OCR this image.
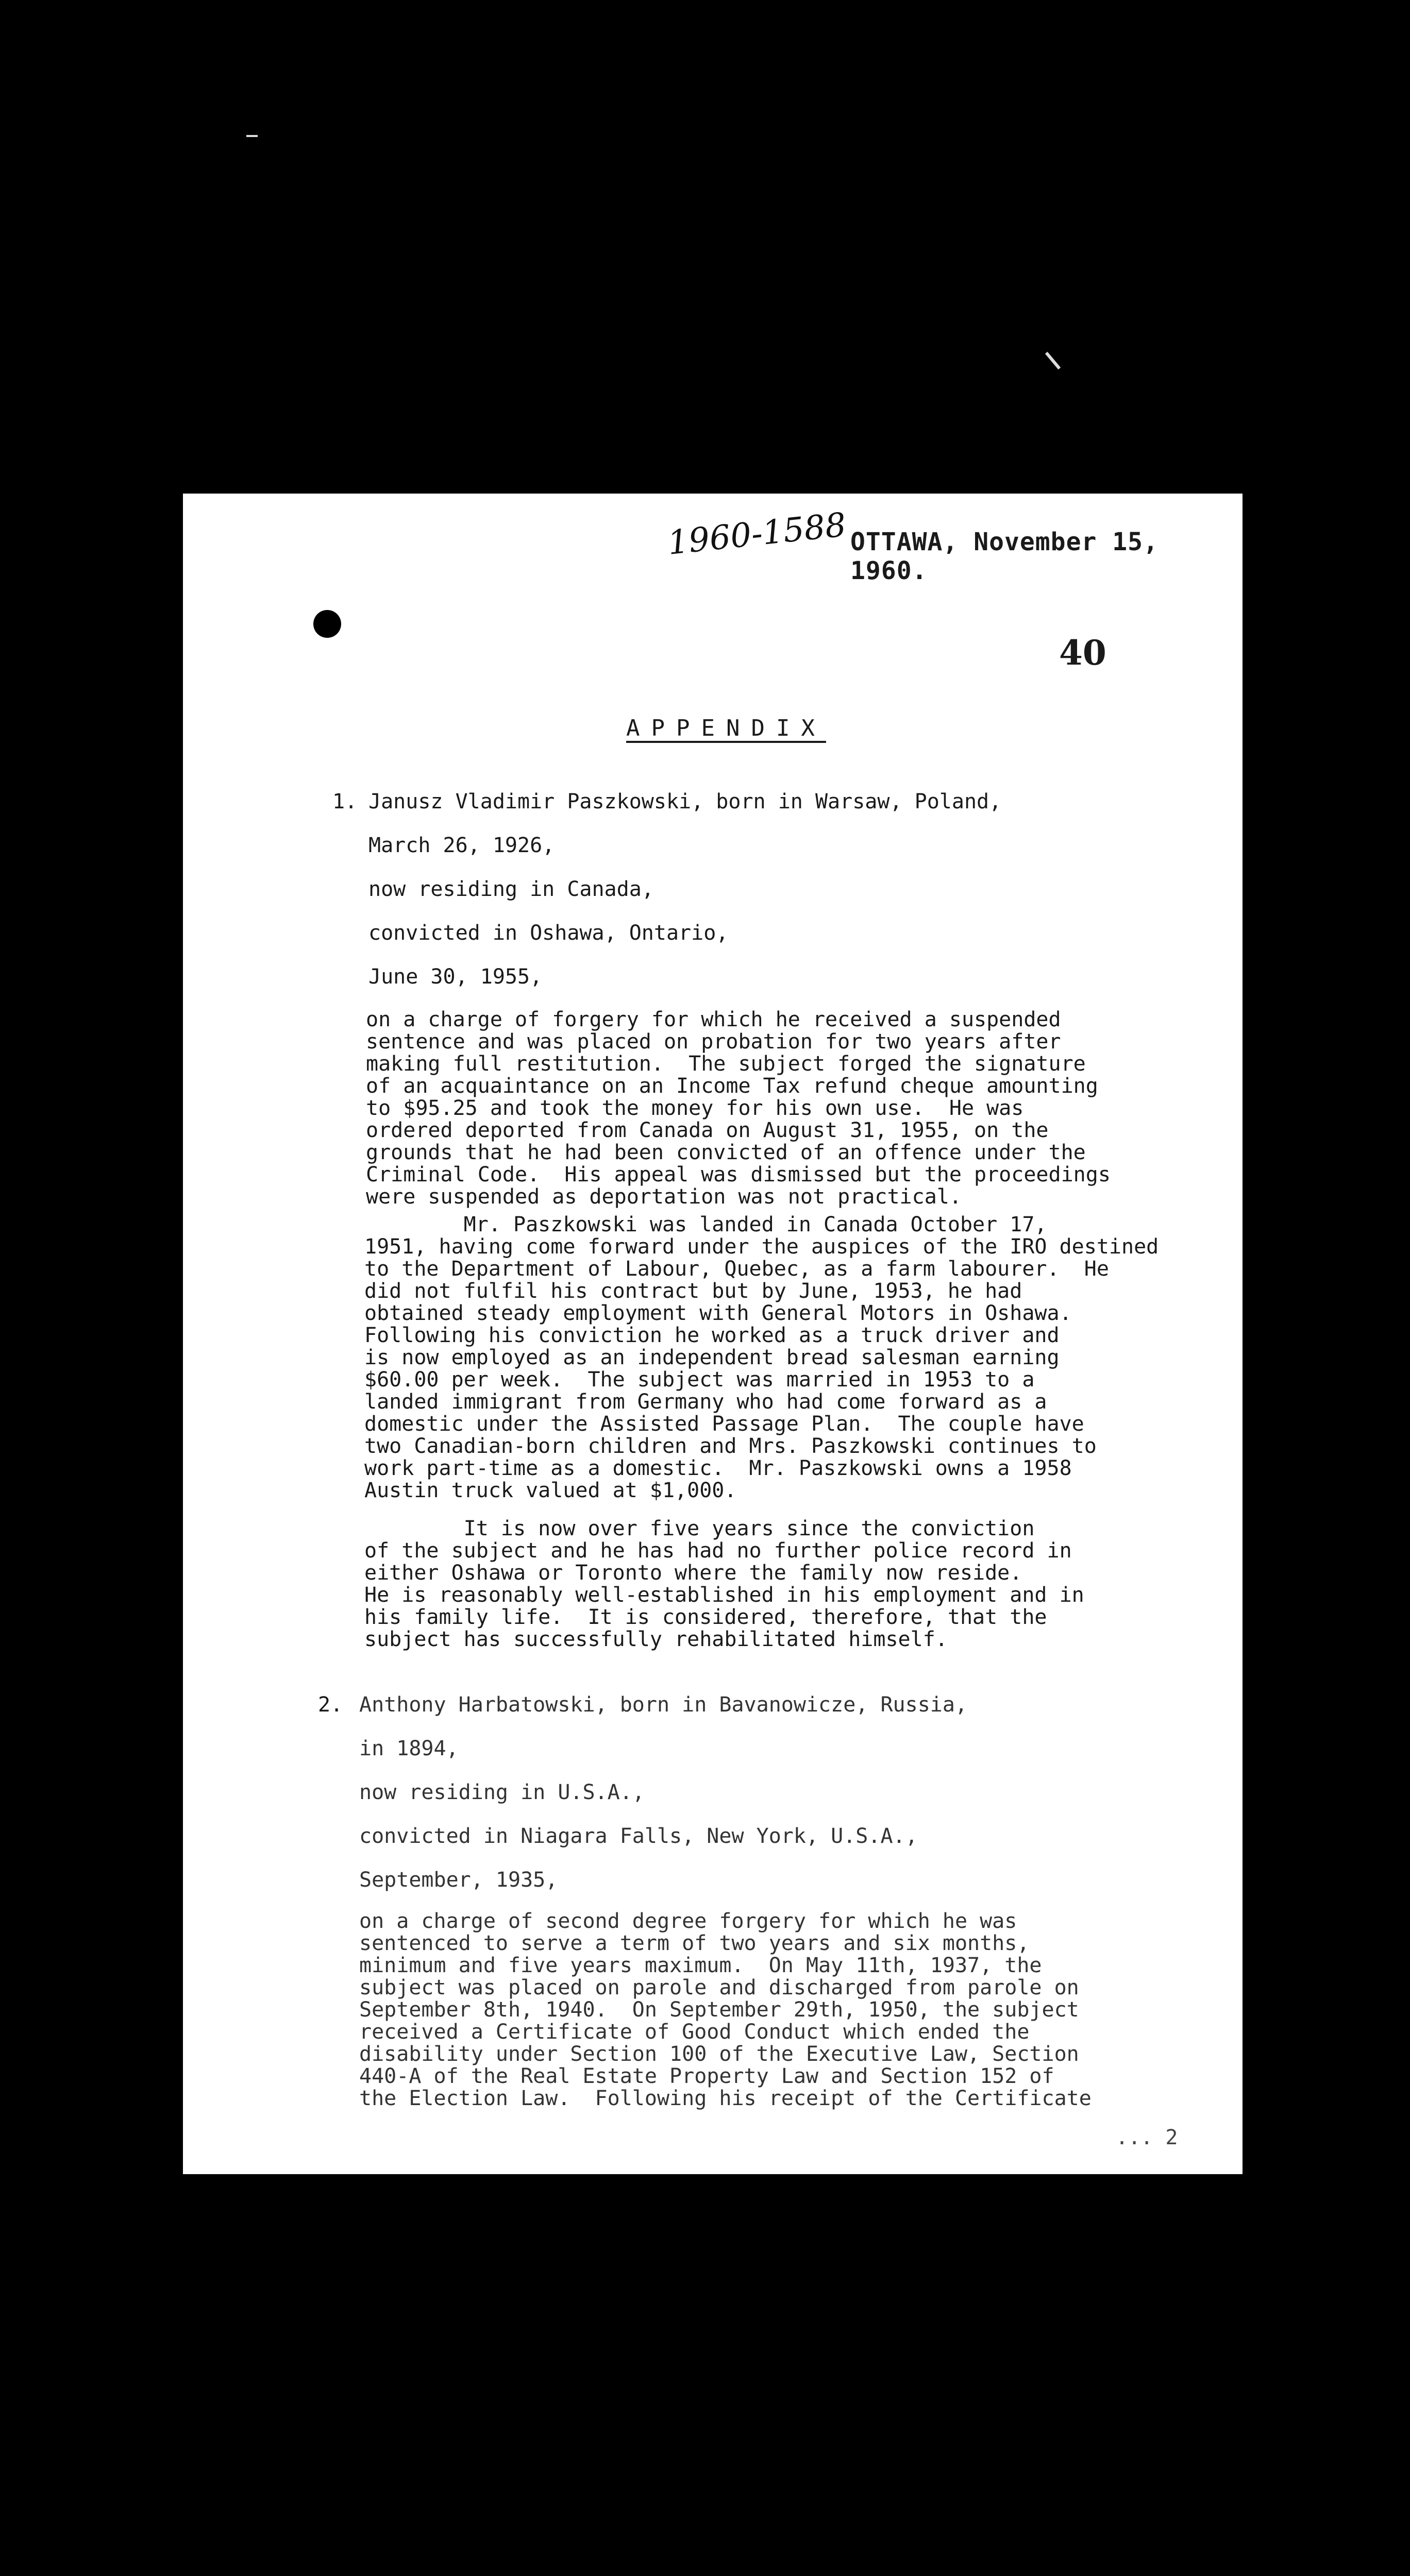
1960-1588 OTTAWA, November 15, 1960.
40
APPENDIX
1. Janusz Vladimir Paszkowski, born in Warsaw, Poland,
March 26, 1926,
now residing in Canada,
convicted in Oshawa, Ontario,
June 30, 1955,
on a charge of forgery for which he received a suspended
sentence and was placed on probation for two years after
making full restitution.  The subject forged the signature
of an acquaintance on an Income Tax refund cheque amounting
to $95.25 and took the money for his own use.  He was
ordered deported from Canada on August 31, 1955, on the
grounds that he had been convicted of an offence under the
Criminal Code.  His appeal was dismissed but the proceedings
were suspended as deportation was not practical.
Mr. Paszkowski was landed in Canada October 17,
1951, having come forward under the auspices of the IRO destined
to the Department of Labour, Quebec, as a farm labourer.  He
did not fulfil his contract but by June, 1953, he had
obtained steady employment with General Motors in Oshawa.
Following his conviction he worked as a truck driver and
is now employed as an independent bread salesman earning
$60.00 per week.  The subject was married in 1953 to a
landed immigrant from Germany who had come forward as a
domestic under the Assisted Passage Plan.  The couple have
two Canadian-born children and Mrs. Paszkowski continues to
work part-time as a domestic.  Mr. Paszkowski owns a 1958
Austin truck valued at $1,000.
It is now over five years since the conviction
of the subject and he has had no further police record in
either Oshawa or Toronto where the family now reside.
He is reasonably well-established in his employment and in
his family life.  It is considered, therefore, that the
subject has successfully rehabilitated himself.
2. Anthony Harbatowski, born in Bavanowicze, Russia,
in 1894,
now residing in U.S.A.,
convicted in Niagara Falls, New York, U.S.A.,
September, 1935,
on a charge of second degree forgery for which he was
sentenced to serve a term of two years and six months,
minimum and five years maximum.  On May 11th, 1937, the
subject was placed on parole and discharged from parole on
September 8th, 1940.  On September 29th, 1950, the subject
received a Certificate of Good Conduct which ended the
disability under Section 100 of the Executive Law, Section
440-A of the Real Estate Property Law and Section 152 of
the Election Law.  Following his receipt of the Certificate
... 2
